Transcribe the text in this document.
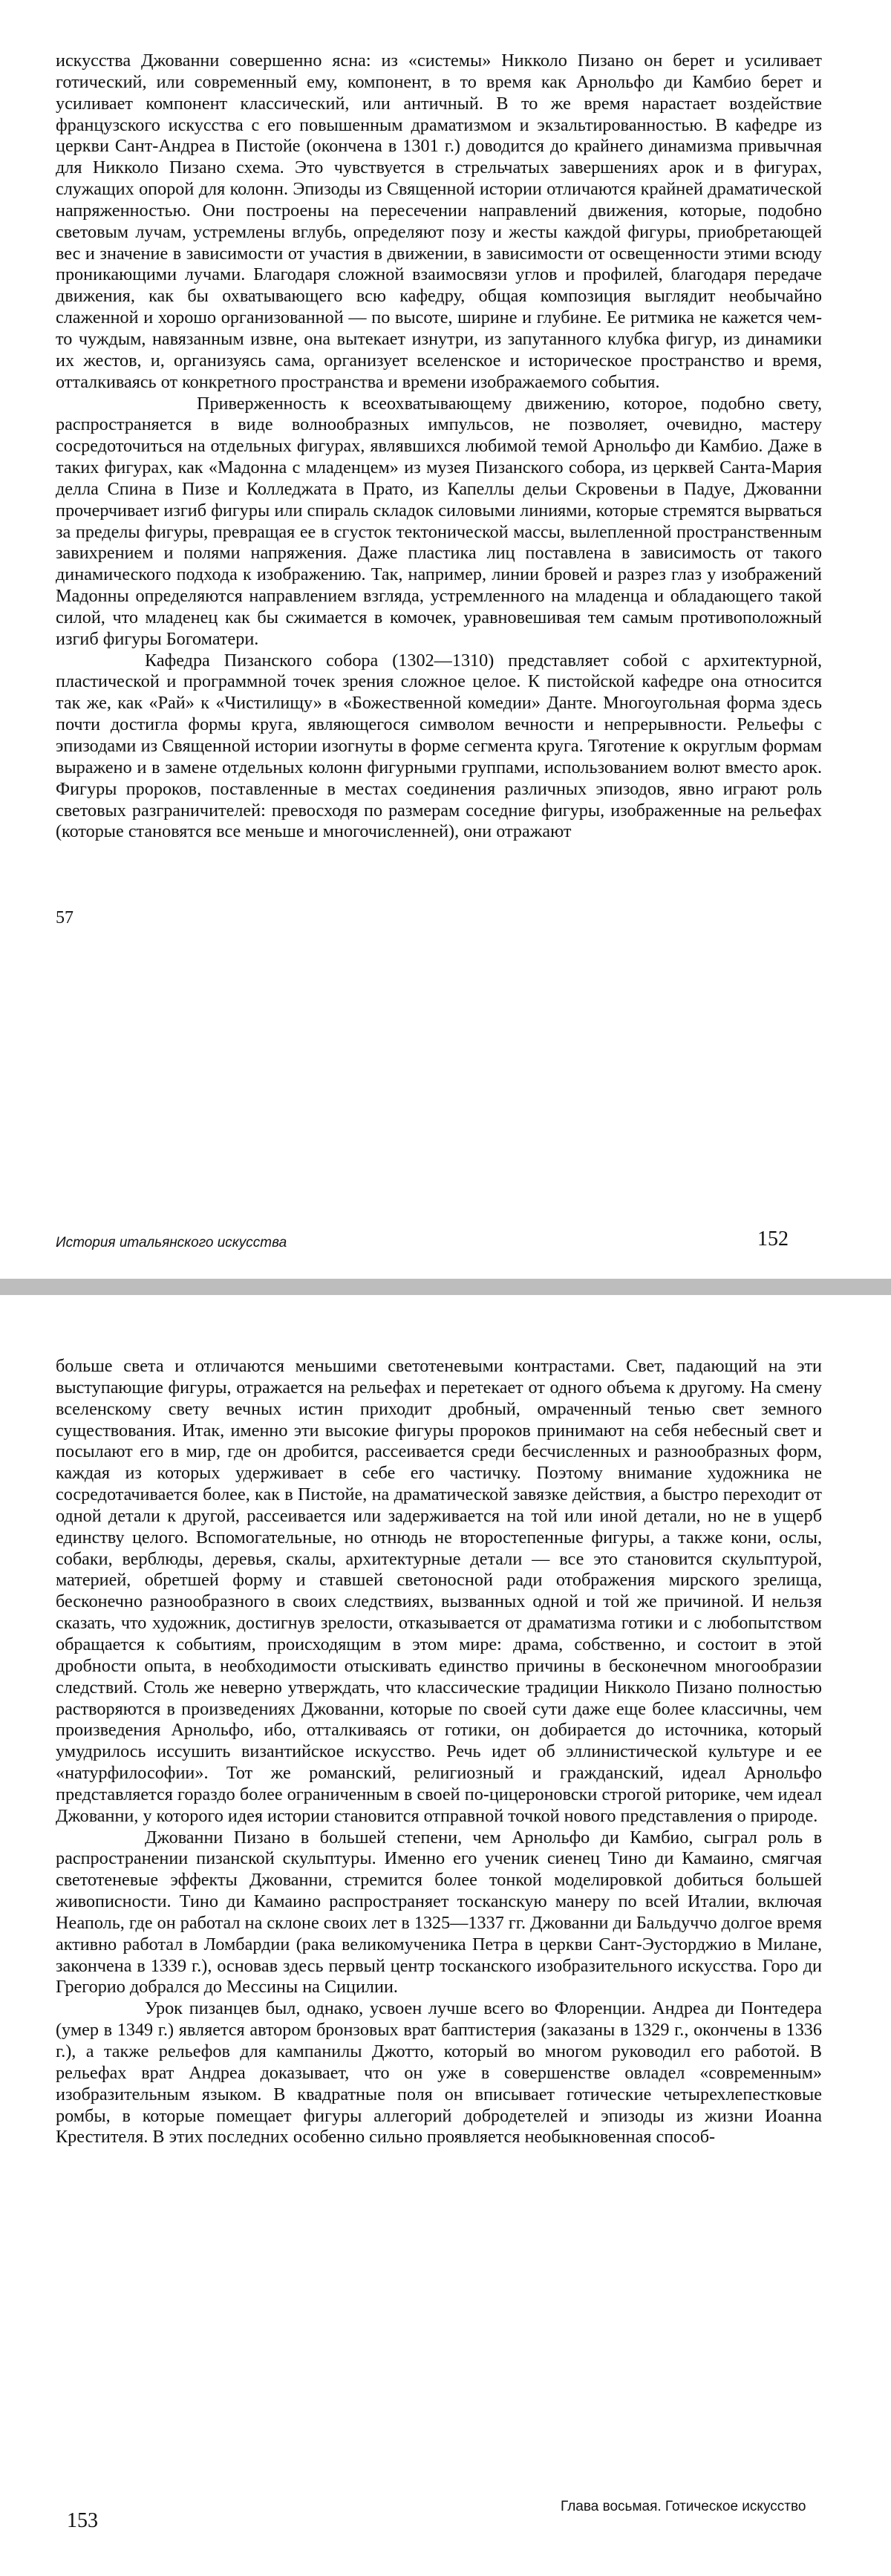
искусства Джованни совершенно ясна: из «системы» Никколо Пизано он берет и усиливает готический, или современный ему, компонент, в то время как Арнольфо ди Камбио берет и усиливает компонент классический, или античный. В то же время нарастает воздействие французского искусства с его повышенным драматизмом и экзальтированностью. В кафедре из церкви Сант-Андреа в Пистойе (окончена в 1301 г.) доводится до крайнего динамизма привычная для Никколо Пизано схема. Это чувствуется в стрельчатых завершениях арок и в фигурах, служащих опорой для колонн. Эпизоды из Священной истории отличаются крайней драматической напряженностью. Они построены на пересечении направлений движения, которые, подобно световым лучам, устремлены вглубь, определяют позу и жесты каждой фигуры, приобретающей вес и значение в зависимости от участия в движении, в зависимости от освещенности этими всюду проникающими лучами. Благодаря сложной взаимосвязи углов и профилей, благодаря передаче движения, как бы охватывающего всю кафедру, общая композиция выглядит необычайно слаженной и хорошо организованной — по высоте, ширине и глубине. Ее ритмика не кажется чем-то чуждым, навязанным извне, она вытекает изнутри, из запутанного клубка фигур, из динамики их жестов, и, организуясь сама, организует вселенское и историческое пространство и время, отталкиваясь от конкретного пространства и времени изображаемого события.

Приверженность к всеохватывающему движению, которое, подобно свету, распространяется в виде волнообразных импульсов, не позволяет, очевидно, мастеру сосредоточиться на отдельных фигурах, являвшихся любимой темой Арнольфо ди Камбио. Даже в таких фигурах, как «Мадонна с младенцем» из музея Пизанского собора, из церквей Санта-Мария делла Спина в Пизе и Колледжата в Прато, из Капеллы дельи Скровеньи в Падуе, Джованни прочерчивает изгиб фигуры или спираль складок силовыми линиями, которые стремятся вырваться за пределы фигуры, превращая ее в сгусток тектонической массы, вылепленной пространственным завихрением и полями напряжения. Даже пластика лиц поставлена в зависимость от такого динамического подхода к изображению. Так, например, линии бровей и разрез глаз у изображений Мадонны определяются направлением взгляда, устремленного на младенца и обладающего такой силой, что младенец как бы сжимается в комочек, уравновешивая тем самым противоположный изгиб фигуры Богоматери.

Кафедра Пизанского собора (1302—1310) представляет собой с архитектурной, пластической и программной точек зрения сложное целое. К пистойской кафедре она относится так же, как «Рай» к «Чистилищу» в «Божественной комедии» Данте. Многоугольная форма здесь почти достигла формы круга, являющегося символом вечности и непрерывности. Рельефы с эпизодами из Священной истории изогнуты в форме сегмента круга. Тяготение к округлым формам выражено и в замене отдельных колонн фигурными группами, использованием волют вместо арок. Фигуры пророков, поставленные в местах соединения различных эпизодов, явно играют роль световых разграничителей: превосходя по размерам соседние фигуры, изображенные на рельефах (которые становятся все меньше и многочисленней), они отражают

57
История итальянского искусства	152

больше света и отличаются меньшими светотеневыми контрастами. Свет, падающий на эти выступающие фигуры, отражается на рельефах и перетекает от одного объема к другому. На смену вселенскому свету вечных истин приходит дробный, омраченный тенью свет земного существования. Итак, именно эти высокие фигуры пророков принимают на себя небесный свет и посылают его в мир, где он дробится, рассеивается среди бесчисленных и разнообразных форм, каждая из которых удерживает в себе его частичку. Поэтому внимание художника не сосредотачивается более, как в Пистойе, на драматической завязке действия, а быстро переходит от одной детали к другой, рассеивается или задерживается на той или иной детали, но не в ущерб единству целого. Вспомогательные, но отнюдь не второстепенные фигуры, а также кони, ослы, собаки, верблюды, деревья, скалы, архитектурные детали — все это становится скульптурой, материей, обретшей форму и ставшей светоносной ради отображения мирского зрелища, бесконечно разнообразного в своих следствиях, вызванных одной и той же причиной. И нельзя сказать, что художник, достигнув зрелости, отказывается от драматизма готики и с любопытством обращается к событиям, происходящим в этом мире: драма, собственно, и состоит в этой дробности опыта, в необходимости отыскивать единство причины в бесконечном многообразии следствий. Столь же неверно утверждать, что классические традиции Никколо Пизано полностью растворяются в произведениях Джованни, которые по своей сути даже еще более классичны, чем произведения Арнольфо, ибо, отталкиваясь от готики, он добирается до источника, который умудрилось иссушить византийское искусство. Речь идет об эллинистической культуре и ее «натурфилософии». Тот же романский, религиозный и гражданский, идеал Арнольфо представляется гораздо более ограниченным в своей по-цицероновски строгой риторике, чем идеал Джованни, у которого идея истории становится отправной точкой нового представления о природе.

Джованни Пизано в большей степени, чем Арнольфо ди Камбио, сыграл роль в распространении пизанской скульптуры. Именно его ученик сиенец Тино ди Камаино, смягчая светотеневые эффекты Джованни, стремится более тонкой моделировкой добиться большей живописности. Тино ди Камаино распространяет тосканскую манеру по всей Италии, включая Неаполь, где он работал на склоне своих лет в 1325—1337 гг. Джованни ди Бальдуччо долгое время активно работал в Ломбардии (рака великомученика Петра в церкви Сант-Эусторджио в Милане, закончена в 1339 г.), основав здесь первый центр тосканского изобразительного искусства. Горо ди Грегорио добрался до Мессины на Сицилии.

Урок пизанцев был, однако, усвоен лучше всего во Флоренции. Андреа ди Понтедера (умер в 1349 г.) является автором бронзовых врат баптистерия (заказаны в 1329 г., окончены в 1336 г.), а также рельефов для кампанилы Джотто, который во многом руководил его работой. В рельефах врат Андреа доказывает, что он уже в совершенстве овладел «современным» изобразительным языком. В квадратные поля он вписывает готические четырехлепестковые ромбы, в которые помещает фигуры аллегорий добродетелей и эпизоды из жизни Иоанна Крестителя. В этих последних особенно сильно проявляется необыкновенная способ-

153
Глава восьмая. Готическое искусство
